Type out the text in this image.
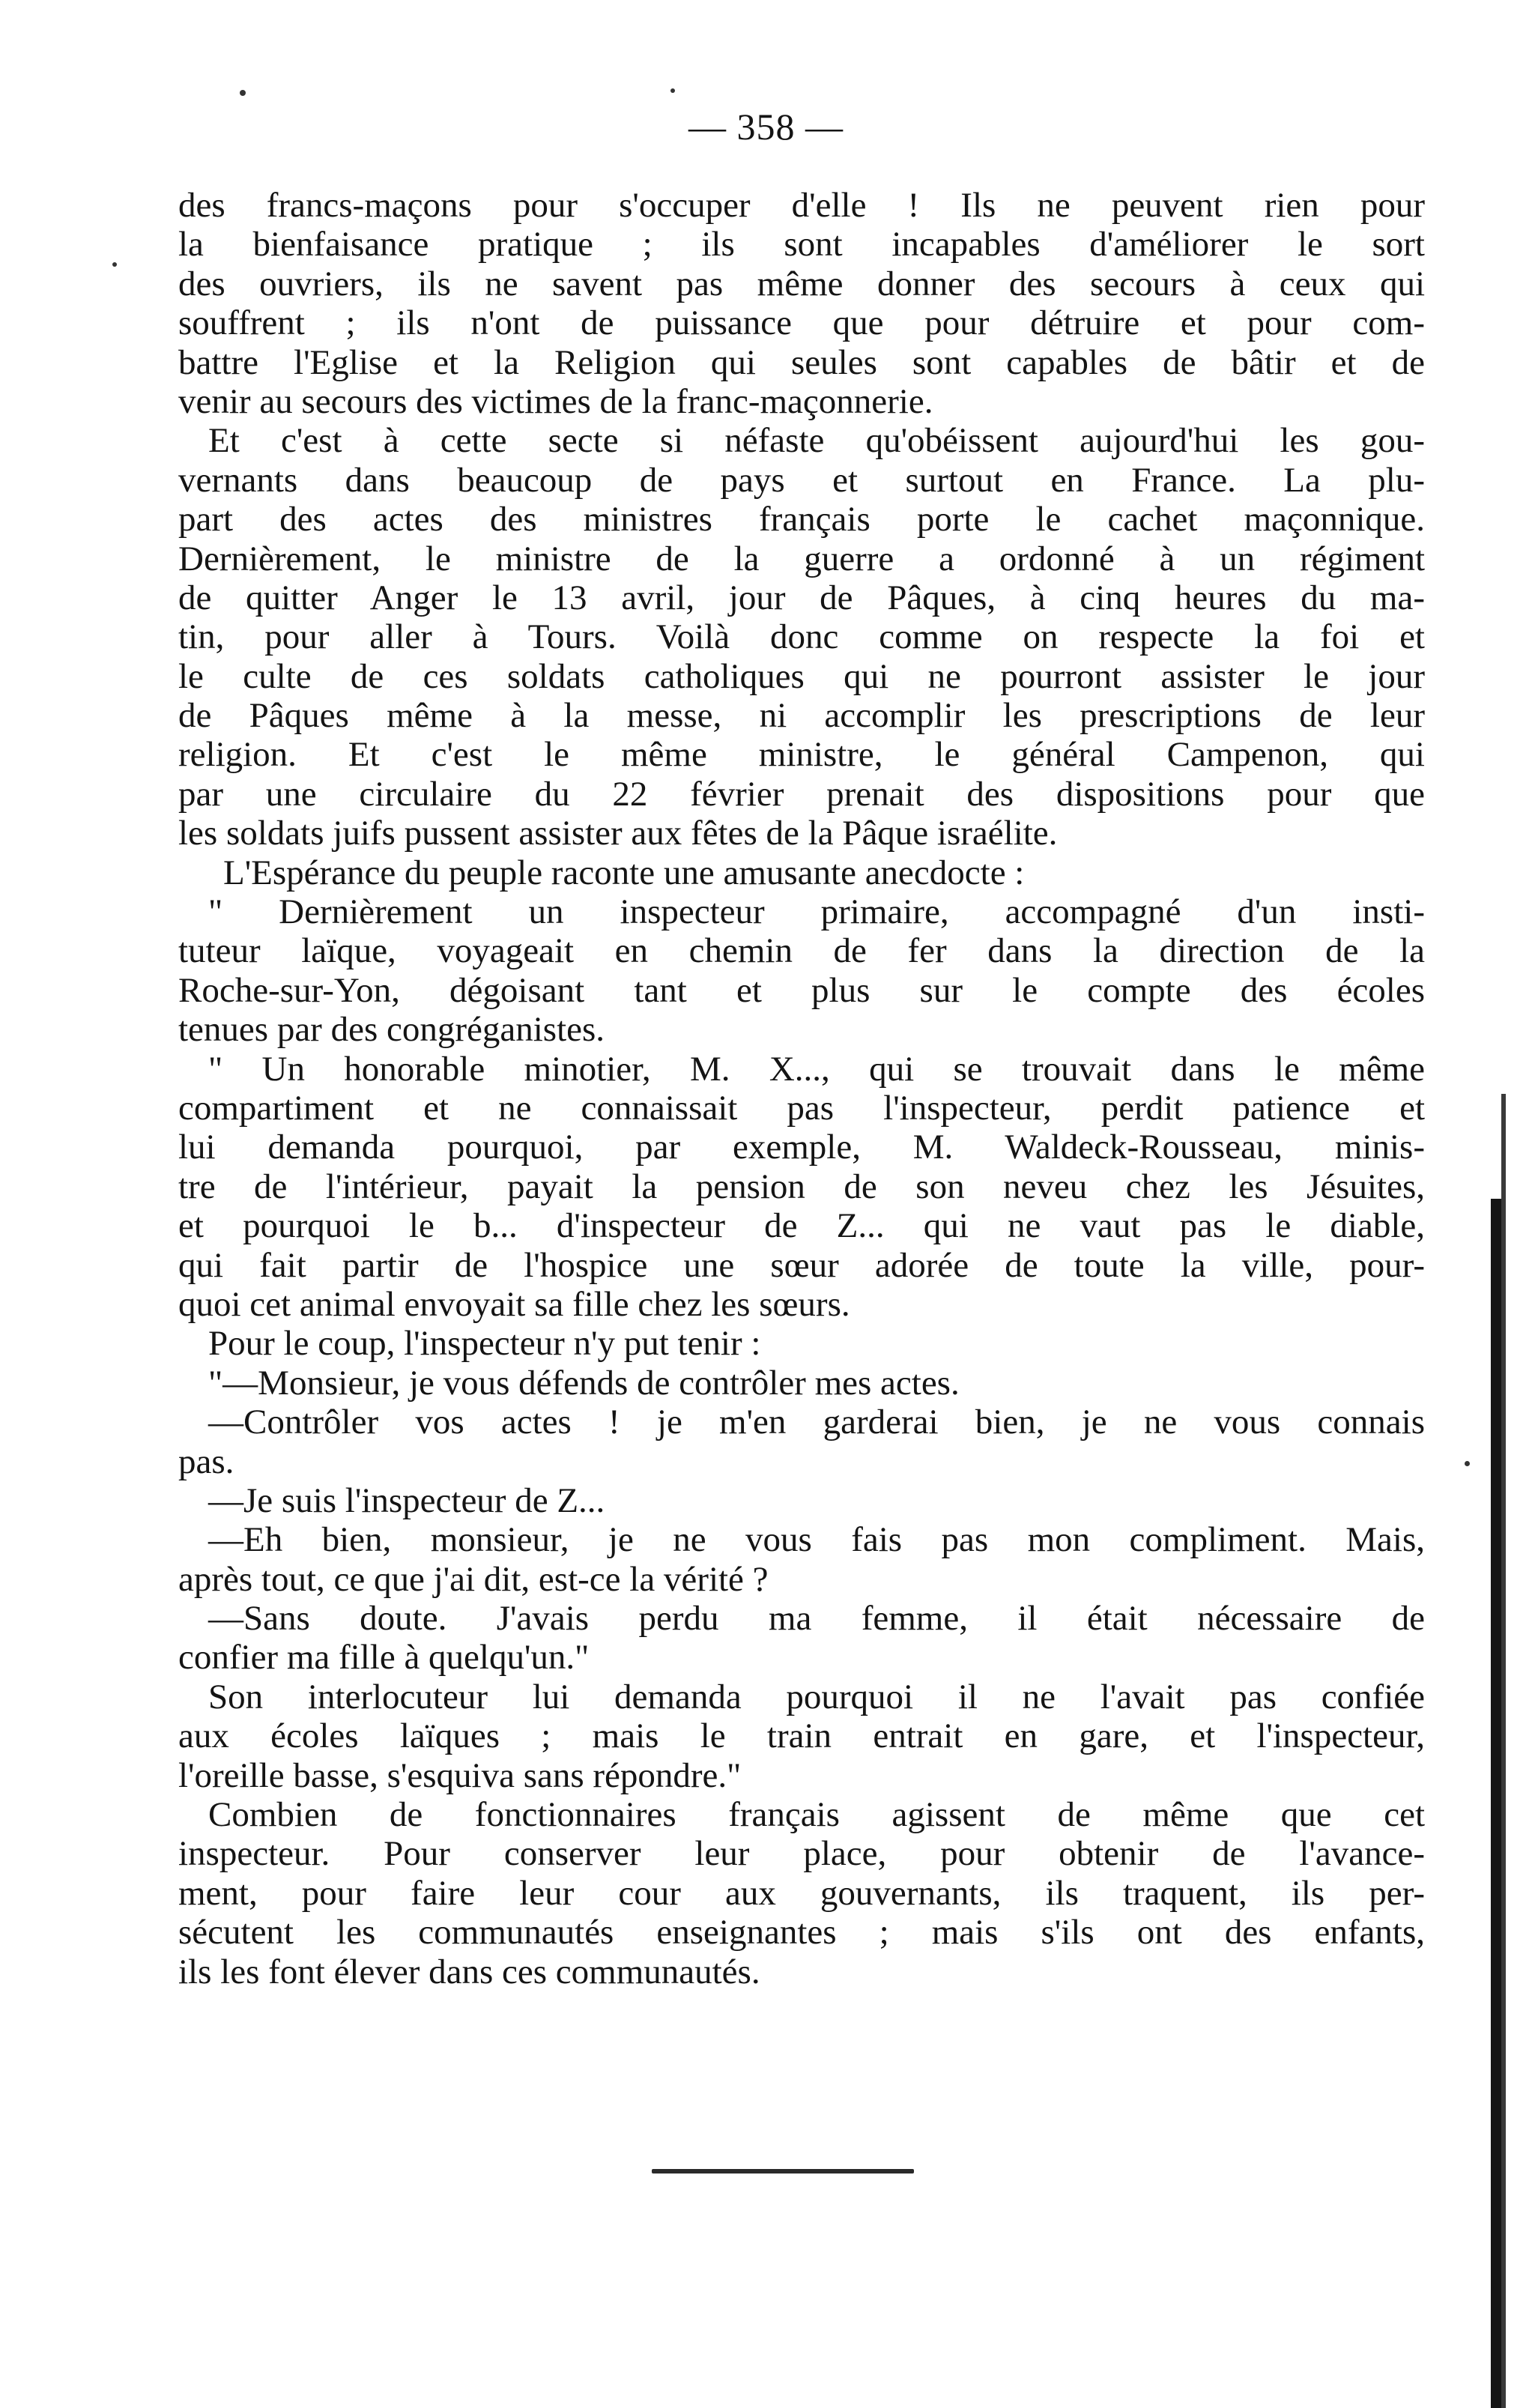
— 358 —
des francs-maçons pour s'occuper d'elle ! Ils ne peuvent rien pour
la bienfaisance pratique ; ils sont incapables d'améliorer le sort
des ouvriers, ils ne savent pas même donner des secours à ceux qui
souffrent ; ils n'ont de puissance que pour détruire et pour com-
battre l'Eglise et la Religion qui seules sont capables de bâtir et de
venir au secours des victimes de la franc-maçonnerie.
Et c'est à cette secte si néfaste qu'obéissent aujourd'hui les gou-
vernants dans beaucoup de pays et surtout en France. La plu-
part des actes des ministres français porte le cachet maçonnique.
Dernièrement, le ministre de la guerre a ordonné à un régiment
de quitter Anger le 13 avril, jour de Pâques, à cinq heures du ma-
tin, pour aller à Tours. Voilà donc comme on respecte la foi et
le culte de ces soldats catholiques qui ne pourront assister le jour
de Pâques même à la messe, ni accomplir les prescriptions de leur
religion. Et c'est le même ministre, le général Campenon, qui
par une circulaire du 22 février prenait des dispositions pour que
les soldats juifs pussent assister aux fêtes de la Pâque israélite.
L'Espérance du peuple raconte une amusante anecdocte :
" Dernièrement un inspecteur primaire, accompagné d'un insti-
tuteur laïque, voyageait en chemin de fer dans la direction de la
Roche-sur-Yon, dégoisant tant et plus sur le compte des écoles
tenues par des congréganistes.
" Un honorable minotier, M. X..., qui se trouvait dans le même
compartiment et ne connaissait pas l'inspecteur, perdit patience et
lui demanda pourquoi, par exemple, M. Waldeck-Rousseau, minis-
tre de l'intérieur, payait la pension de son neveu chez les Jésuites,
et pourquoi le b... d'inspecteur de Z... qui ne vaut pas le diable,
qui fait partir de l'hospice une sœur adorée de toute la ville, pour-
quoi cet animal envoyait sa fille chez les sœurs.
Pour le coup, l'inspecteur n'y put tenir :
"—Monsieur, je vous défends de contrôler mes actes.
—Contrôler vos actes ! je m'en garderai bien, je ne vous connais
pas.
—Je suis l'inspecteur de Z...
—Eh bien, monsieur, je ne vous fais pas mon compliment. Mais,
après tout, ce que j'ai dit, est-ce la vérité ?
—Sans doute. J'avais perdu ma femme, il était nécessaire de
confier ma fille à quelqu'un."
Son interlocuteur lui demanda pourquoi il ne l'avait pas confiée
aux écoles laïques ; mais le train entrait en gare, et l'inspecteur,
l'oreille basse, s'esquiva sans répondre."
Combien de fonctionnaires français agissent de même que cet
inspecteur. Pour conserver leur place, pour obtenir de l'avance-
ment, pour faire leur cour aux gouvernants, ils traquent, ils per-
sécutent les communautés enseignantes ; mais s'ils ont des enfants,
ils les font élever dans ces communautés.
